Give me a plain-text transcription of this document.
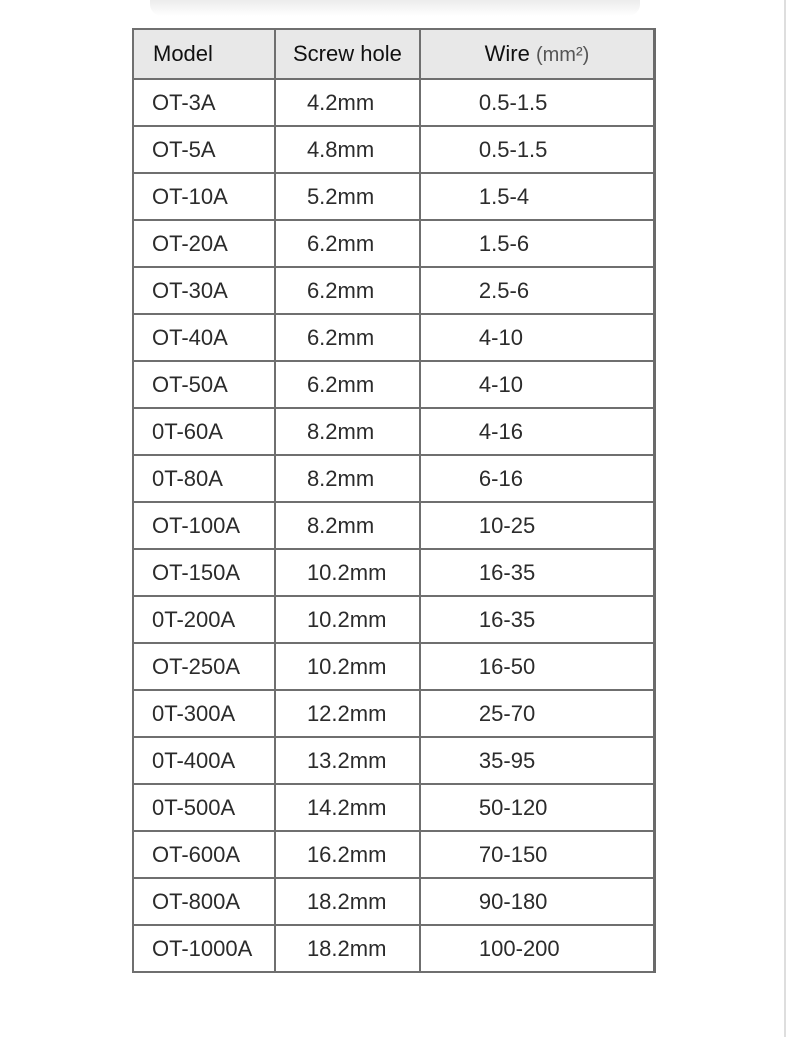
Model	Screw hole	Wire (mm²)
OT-3A	4.2mm	0.5-1.5
OT-5A	4.8mm	0.5-1.5
OT-10A	5.2mm	1.5-4
OT-20A	6.2mm	1.5-6
OT-30A	6.2mm	2.5-6
OT-40A	6.2mm	4-10
OT-50A	6.2mm	4-10
0T-60A	8.2mm	4-16
0T-80A	8.2mm	6-16
OT-100A	8.2mm	10-25
OT-150A	10.2mm	16-35
0T-200A	10.2mm	16-35
OT-250A	10.2mm	16-50
0T-300A	12.2mm	25-70
0T-400A	13.2mm	35-95
0T-500A	14.2mm	50-120
OT-600A	16.2mm	70-150
OT-800A	18.2mm	90-180
OT-1000A	18.2mm	100-200
